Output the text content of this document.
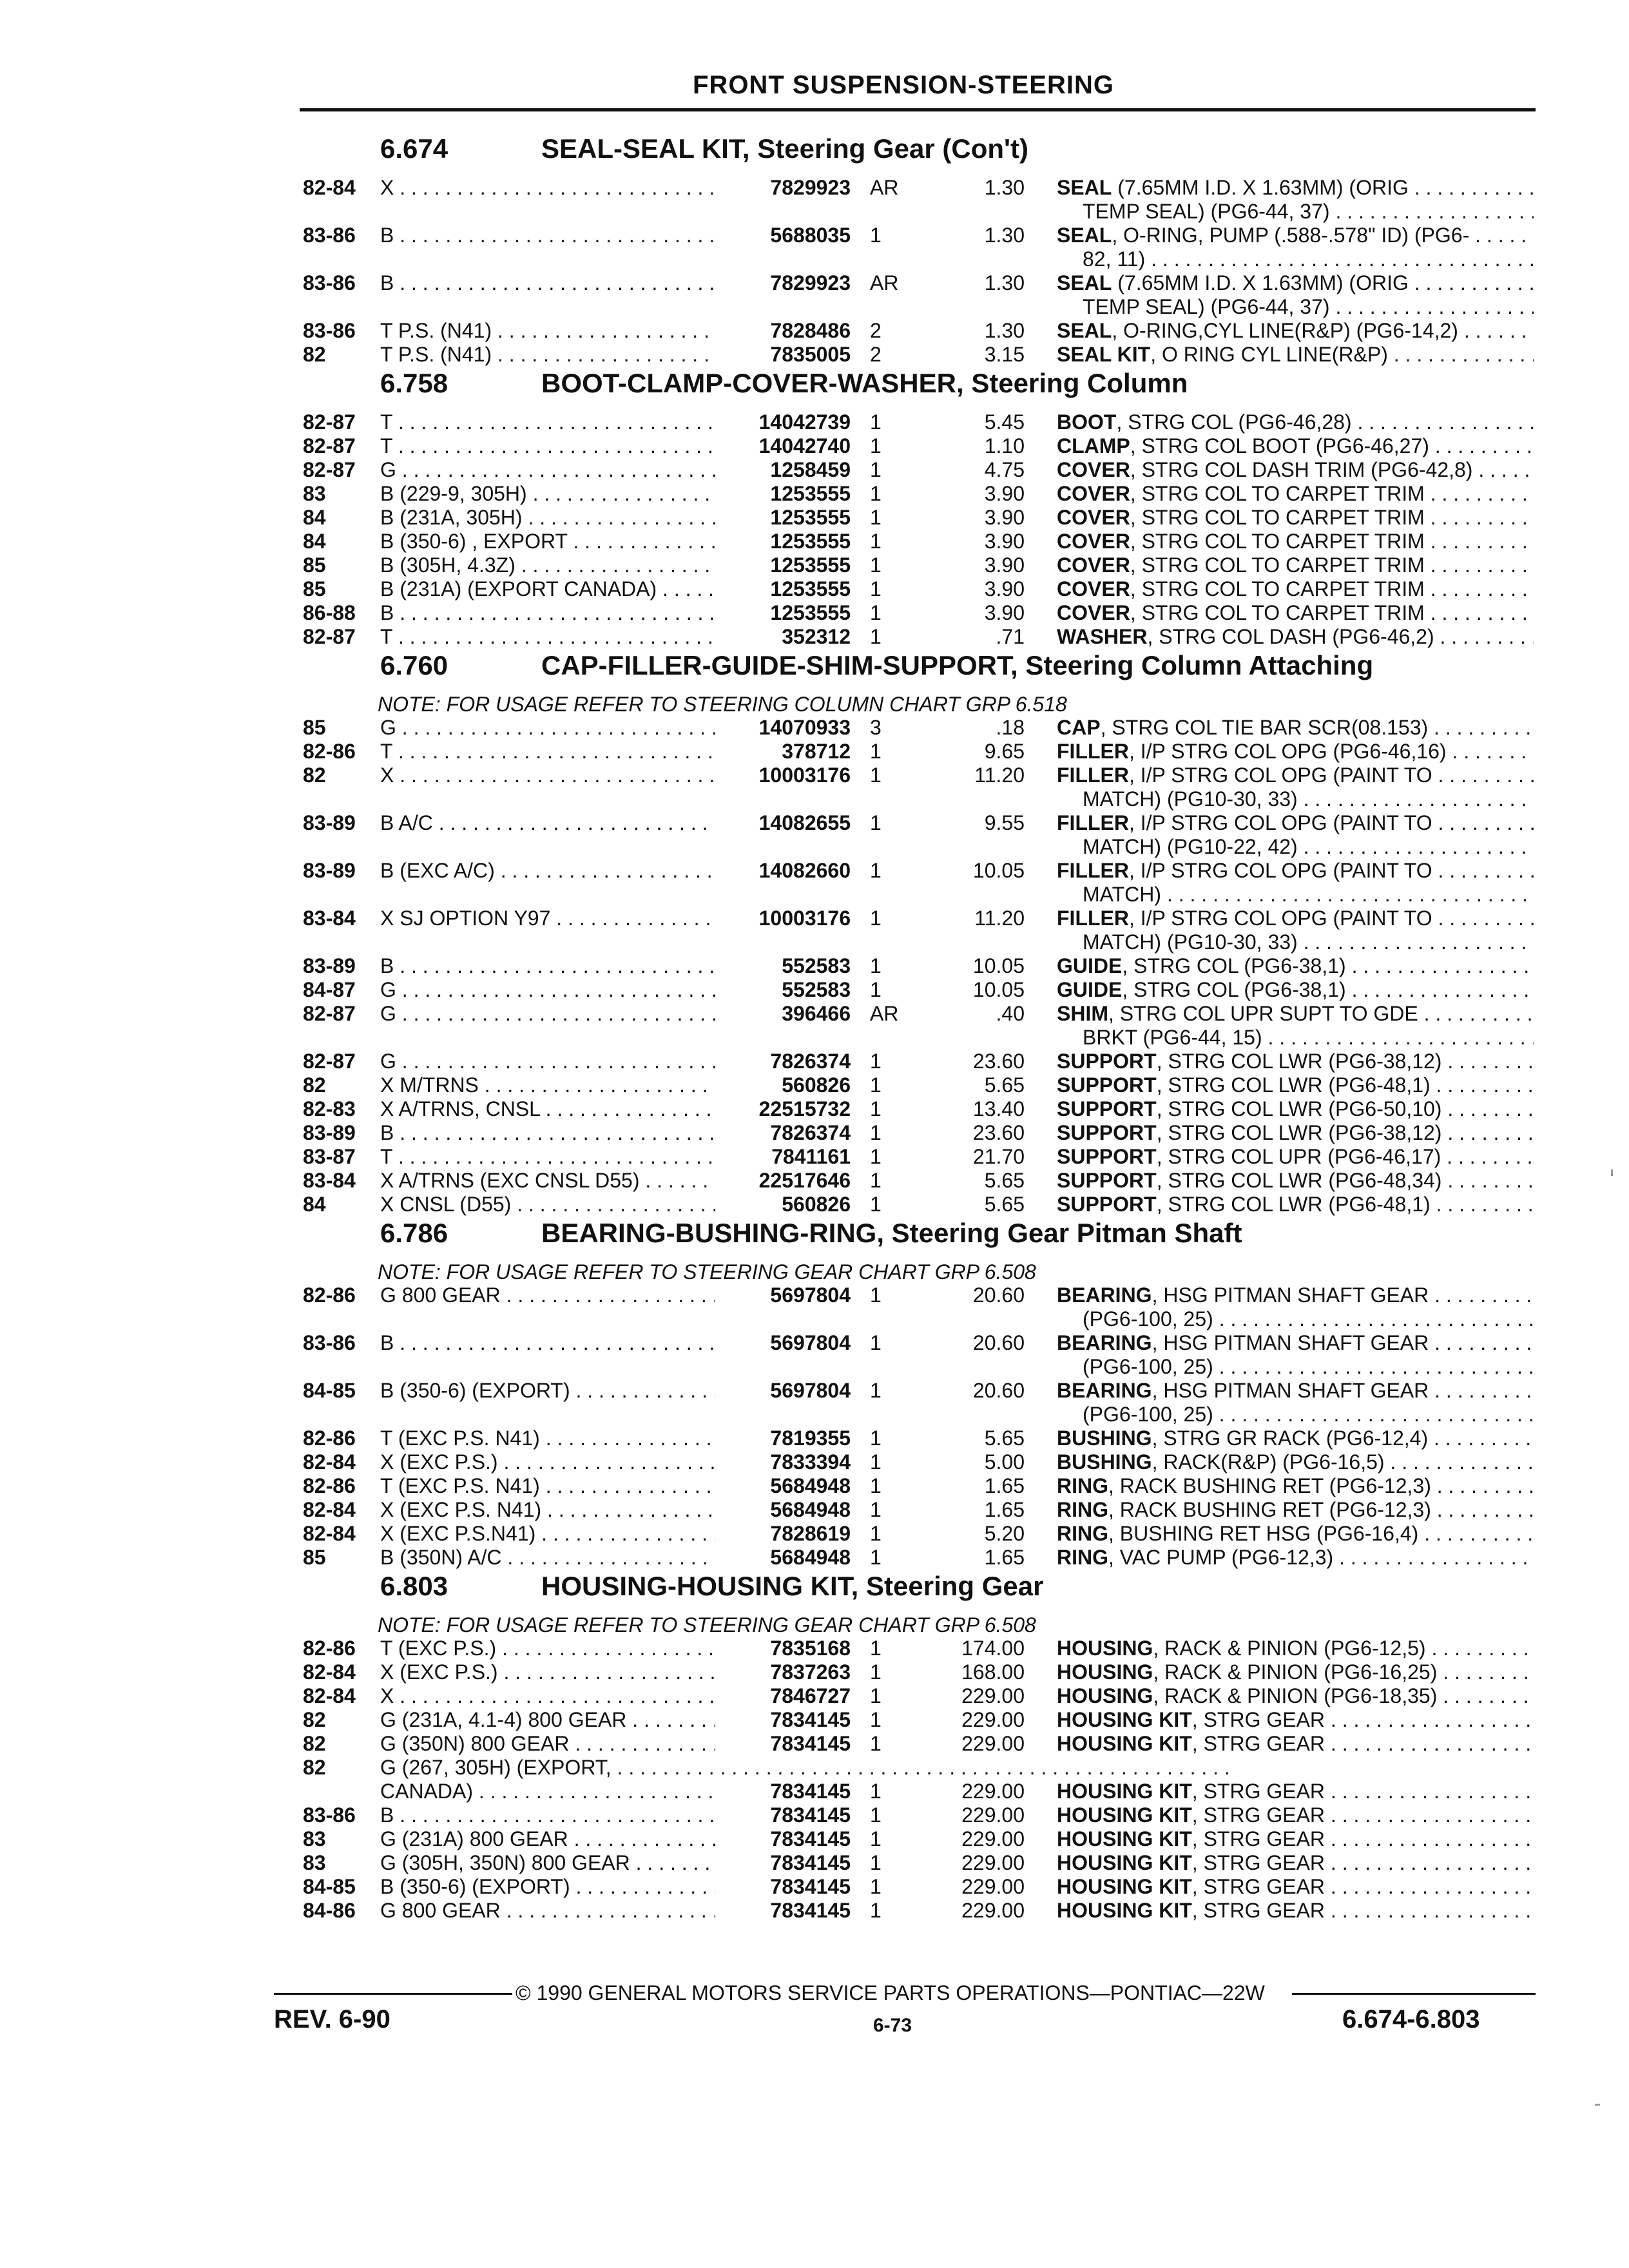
FRONT SUSPENSION-STEERING
6.674	SEAL-SEAL KIT, Steering Gear (Con't)
82-84 X . . .	7829923 AR	1.30 SEAL (7.65MM I.D. X 1.63MM) (ORIG . . .
TEMP SEAL) (PG6-44, 37) . . .
83-86 B . . .	5688035 1	1.30 SEAL, O-RING, PUMP (.588-.578" ID) (PG6- . . .
82, 11) . . .
83-86 B . . .	7829923 AR	1.30 SEAL (7.65MM I.D. X 1.63MM) (ORIG . . .
TEMP SEAL) (PG6-44, 37) . . .
83-86 T P.S. (N41) . . .	7828486 2	1.30 SEAL, O-RING,CYL LINE(R&P) (PG6-14,2) . . .
82	T P.S. (N41) . . .	7835005 2	3.15 SEAL KIT, O RING CYL LINE(R&P) . . .
6.758	BOOT-CLAMP-COVER-WASHER, Steering Column
82-87 T . . .	14042739 1	5.45 BOOT, STRG COL (PG6-46,28) . . .
82-87 T . . .	14042740 1	1.10 CLAMP, STRG COL BOOT (PG6-46,27) . . .
82-87 G . . .	1258459 1	4.75 COVER, STRG COL DASH TRIM (PG6-42,8) . . .
83	B (229-9, 305H) . . .	1253555 1	3.90 COVER, STRG COL TO CARPET TRIM . . .
84	B (231A, 305H) . . .	1253555 1	3.90 COVER, STRG COL TO CARPET TRIM . . .
84	B (350-6) , EXPORT . . .	1253555 1	3.90 COVER, STRG COL TO CARPET TRIM . . .
85	B (305H, 4.3Z) . . .	1253555 1	3.90 COVER, STRG COL TO CARPET TRIM . . .
85	B (231A) (EXPORT CANADA) . . .	1253555 1	3.90 COVER, STRG COL TO CARPET TRIM . . .
86-88 B . . .	1253555 1	3.90 COVER, STRG COL TO CARPET TRIM . . .
82-87 T . . .	352312 1	.71 WASHER, STRG COL DASH (PG6-46,2) . . .
6.760	CAP-FILLER-GUIDE-SHIM-SUPPORT, Steering Column Attaching
NOTE: FOR USAGE REFER TO STEERING COLUMN CHART GRP 6.518
85	G . . .	14070933 3	.18 CAP, STRG COL TIE BAR SCR(08.153) . . .
82-86 T . . .	378712 1	9.65 FILLER, I/P STRG COL OPG (PG6-46,16) . . .
82	X . . .	10003176 1	11.20 FILLER, I/P STRG COL OPG (PAINT TO . . .
MATCH) (PG10-30, 33) . . .
83-89 B A/C . . .	14082655 1	9.55 FILLER, I/P STRG COL OPG (PAINT TO . . .
MATCH) (PG10-22, 42) . . .
83-89 B (EXC A/C) . . .	14082660 1	10.05 FILLER, I/P STRG COL OPG (PAINT TO . . .
MATCH) . . .
83-84 X SJ OPTION Y97 . . .	10003176 1	11.20 FILLER, I/P STRG COL OPG (PAINT TO . . .
MATCH) (PG10-30, 33) . . .
83-89 B . . .	552583 1	10.05 GUIDE, STRG COL (PG6-38,1) . . .
84-87 G . . .	552583 1	10.05 GUIDE, STRG COL (PG6-38,1) . . .
82-87 G . . .	396466 AR	.40 SHIM, STRG COL UPR SUPT TO GDE . . .
BRKT (PG6-44, 15) . . .
82-87 G . . .	7826374 1	23.60 SUPPORT, STRG COL LWR (PG6-38,12) . . .
82	X M/TRNS . . .	560826 1	5.65 SUPPORT, STRG COL LWR (PG6-48,1) . . .
82-83 X A/TRNS, CNSL . . .	22515732 1	13.40 SUPPORT, STRG COL LWR (PG6-50,10) . . .
83-89 B . . .	7826374 1	23.60 SUPPORT, STRG COL LWR (PG6-38,12) . . .
83-87 T . . .	7841161 1	21.70 SUPPORT, STRG COL UPR (PG6-46,17) . . .
83-84 X A/TRNS (EXC CNSL D55) . . .	22517646 1	5.65 SUPPORT, STRG COL LWR (PG6-48,34) . . .
84	X CNSL (D55) . . .	560826 1	5.65 SUPPORT, STRG COL LWR (PG6-48,1) . . .
6.786	BEARING-BUSHING-RING, Steering Gear Pitman Shaft
NOTE: FOR USAGE REFER TO STEERING GEAR CHART GRP 6.508
82-86 G 800 GEAR . . .	5697804 1	20.60 BEARING, HSG PITMAN SHAFT GEAR . . .
(PG6-100, 25) . . .
83-86 B . . .	5697804 1	20.60 BEARING, HSG PITMAN SHAFT GEAR . . .
(PG6-100, 25) . . .
84-85 B (350-6) (EXPORT) . . .	5697804 1	20.60 BEARING, HSG PITMAN SHAFT GEAR . . .
(PG6-100, 25) . . .
82-86 T (EXC P.S. N41) . . .	7819355 1	5.65 BUSHING, STRG GR RACK (PG6-12,4) . . .
82-84 X (EXC P.S.) . . .	7833394 1	5.00 BUSHING, RACK(R&P) (PG6-16,5) . . .
82-86 T (EXC P.S. N41) . . .	5684948 1	1.65 RING, RACK BUSHING RET (PG6-12,3) . . .
82-84 X (EXC P.S. N41) . . .	5684948 1	1.65 RING, RACK BUSHING RET (PG6-12,3) . . .
82-84 X (EXC P.S.N41) . . .	7828619 1	5.20 RING, BUSHING RET HSG (PG6-16,4) . . .
85	B (350N) A/C . . .	5684948 1	1.65 RING, VAC PUMP (PG6-12,3) . . .
6.803	HOUSING-HOUSING KIT, Steering Gear
NOTE: FOR USAGE REFER TO STEERING GEAR CHART GRP 6.508
82-86 T (EXC P.S.) . . .	7835168 1	174.00 HOUSING, RACK & PINION (PG6-12,5) . . .
82-84 X (EXC P.S.) . . .	7837263 1	168.00 HOUSING, RACK & PINION (PG6-16,25) . . .
82-84 X . . .	7846727 1	229.00 HOUSING, RACK & PINION (PG6-18,35) . . .
82	G (231A, 4.1-4) 800 GEAR . . .	7834145 1	229.00 HOUSING KIT, STRG GEAR . . .
82	G (350N) 800 GEAR . . .	7834145 1	229.00 HOUSING KIT, STRG GEAR . . .
82	G (267, 305H) (EXPORT, . . .
CANADA) . . .	7834145 1	229.00 HOUSING KIT, STRG GEAR . . .
83-86 B . . .	7834145 1	229.00 HOUSING KIT, STRG GEAR . . .
83	G (231A) 800 GEAR . . .	7834145 1	229.00 HOUSING KIT, STRG GEAR . . .
83	G (305H, 350N) 800 GEAR . . .	7834145 1	229.00 HOUSING KIT, STRG GEAR . . .
84-85 B (350-6) (EXPORT) . . .	7834145 1	229.00 HOUSING KIT, STRG GEAR . . .
84-86 G 800 GEAR . . .	7834145 1	229.00 HOUSING KIT, STRG GEAR . . .
© 1990 GENERAL MOTORS SERVICE PARTS OPERATIONS—PONTIAC—22W
REV. 6-90	6-73	6.674-6.803
